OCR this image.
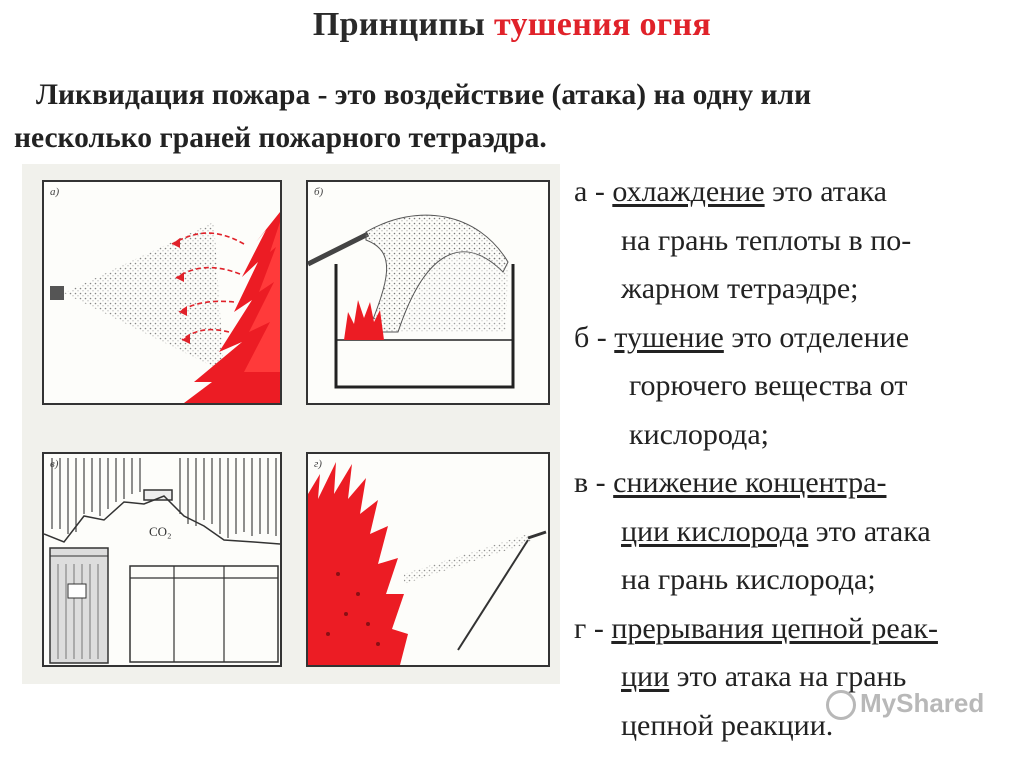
Принципы тушения огня
Ликвидация пожара - это воздействие (атака) на одну или
несколько граней пожарного тетраэдра.
а)	б)
в)
CO₂
г)
а - охлаждение это атака
на грань теплоты в по-
жарном тетраэдре;
б - тушение это отделение
горючего вещества от
кислорода;
в - снижение концентра-
ции кислорода это атака
на грань кислорода;
г - прерывания цепной реак-
ции это атака на грань
цепной реакции.
MyShared
